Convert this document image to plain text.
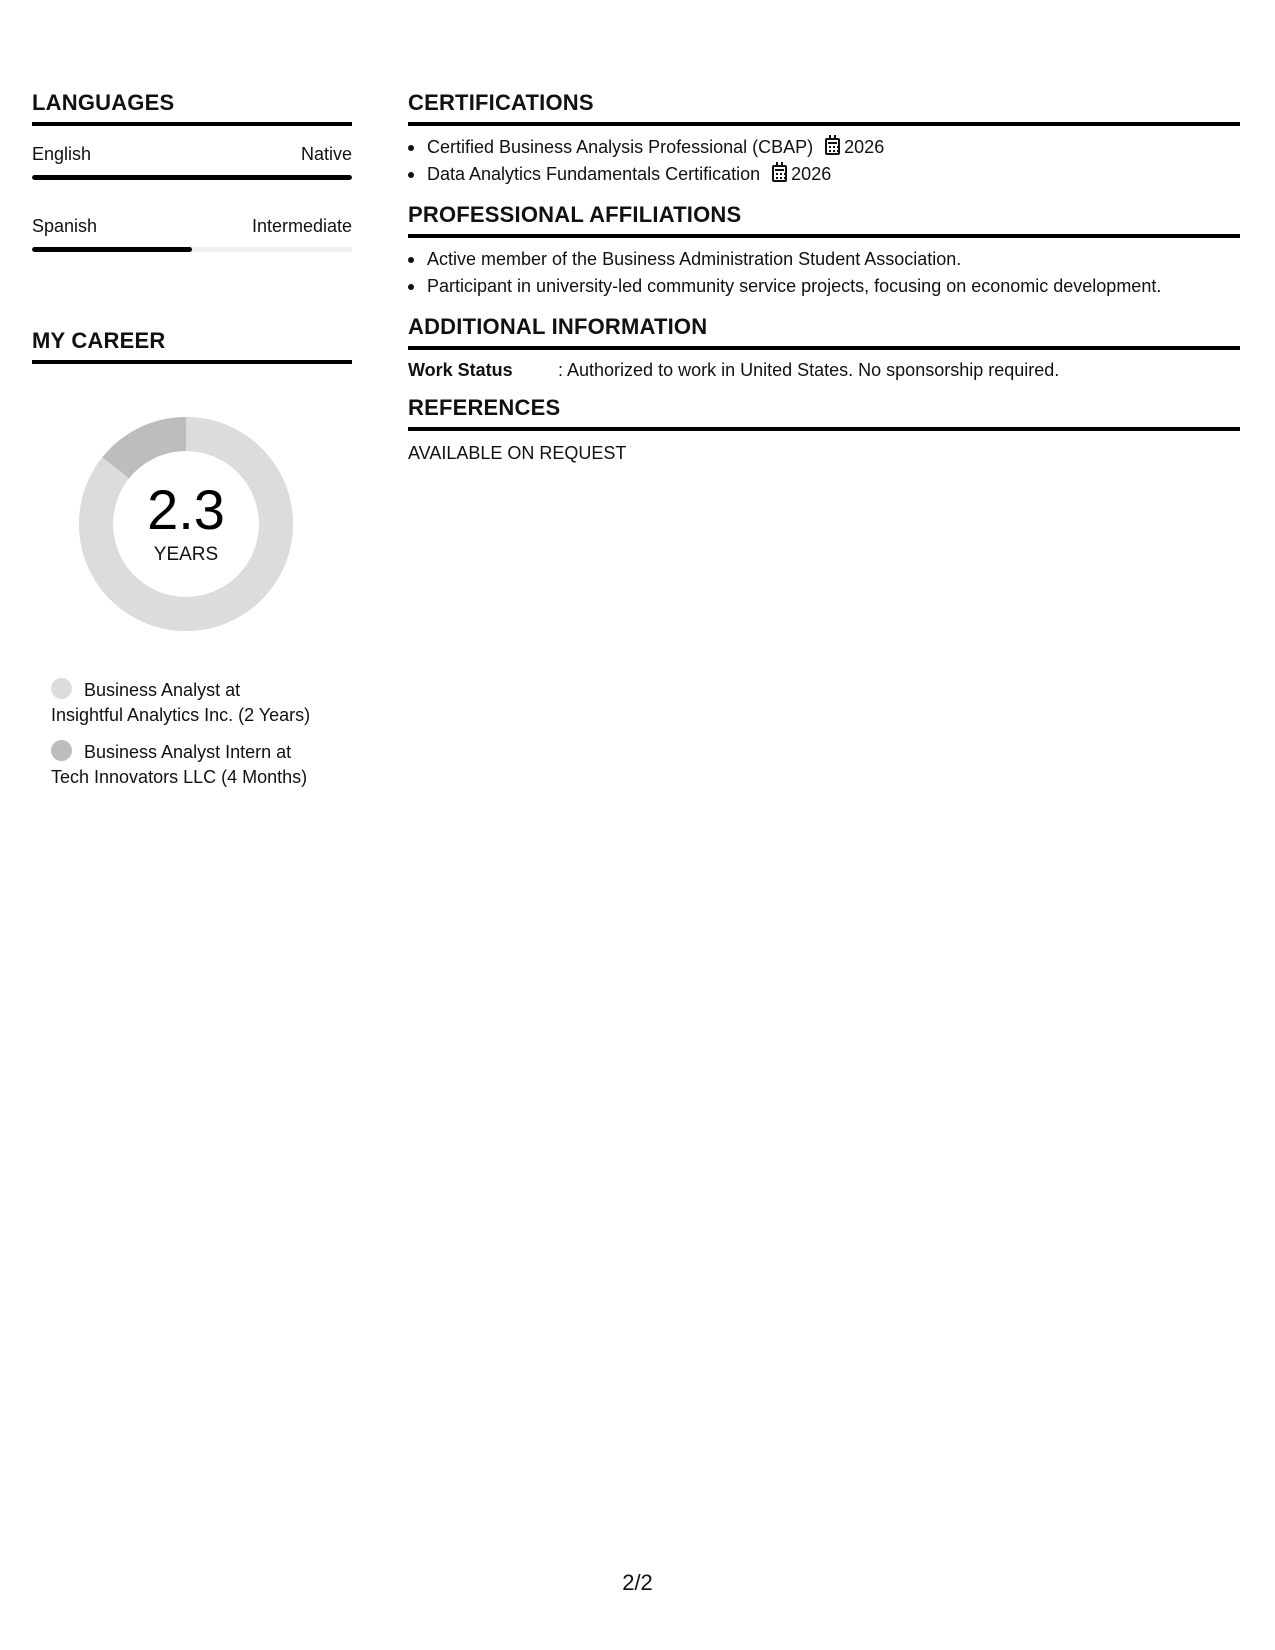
LANGUAGES
English	Native
Spanish	Intermediate
MY CAREER
2.3
YEARS
Business Analyst at
Insightful Analytics Inc. (2 Years)
Business Analyst Intern at
Tech Innovators LLC (4 Months)
CERTIFICATIONS
Certified Business Analysis Professional (CBAP) 2026
Data Analytics Fundamentals Certification 2026
PROFESSIONAL AFFILIATIONS
Active member of the Business Administration Student Association.
Participant in university-led community service projects, focusing on economic development.
ADDITIONAL INFORMATION
Work Status	: Authorized to work in United States. No sponsorship required.
REFERENCES
AVAILABLE ON REQUEST
2/2
